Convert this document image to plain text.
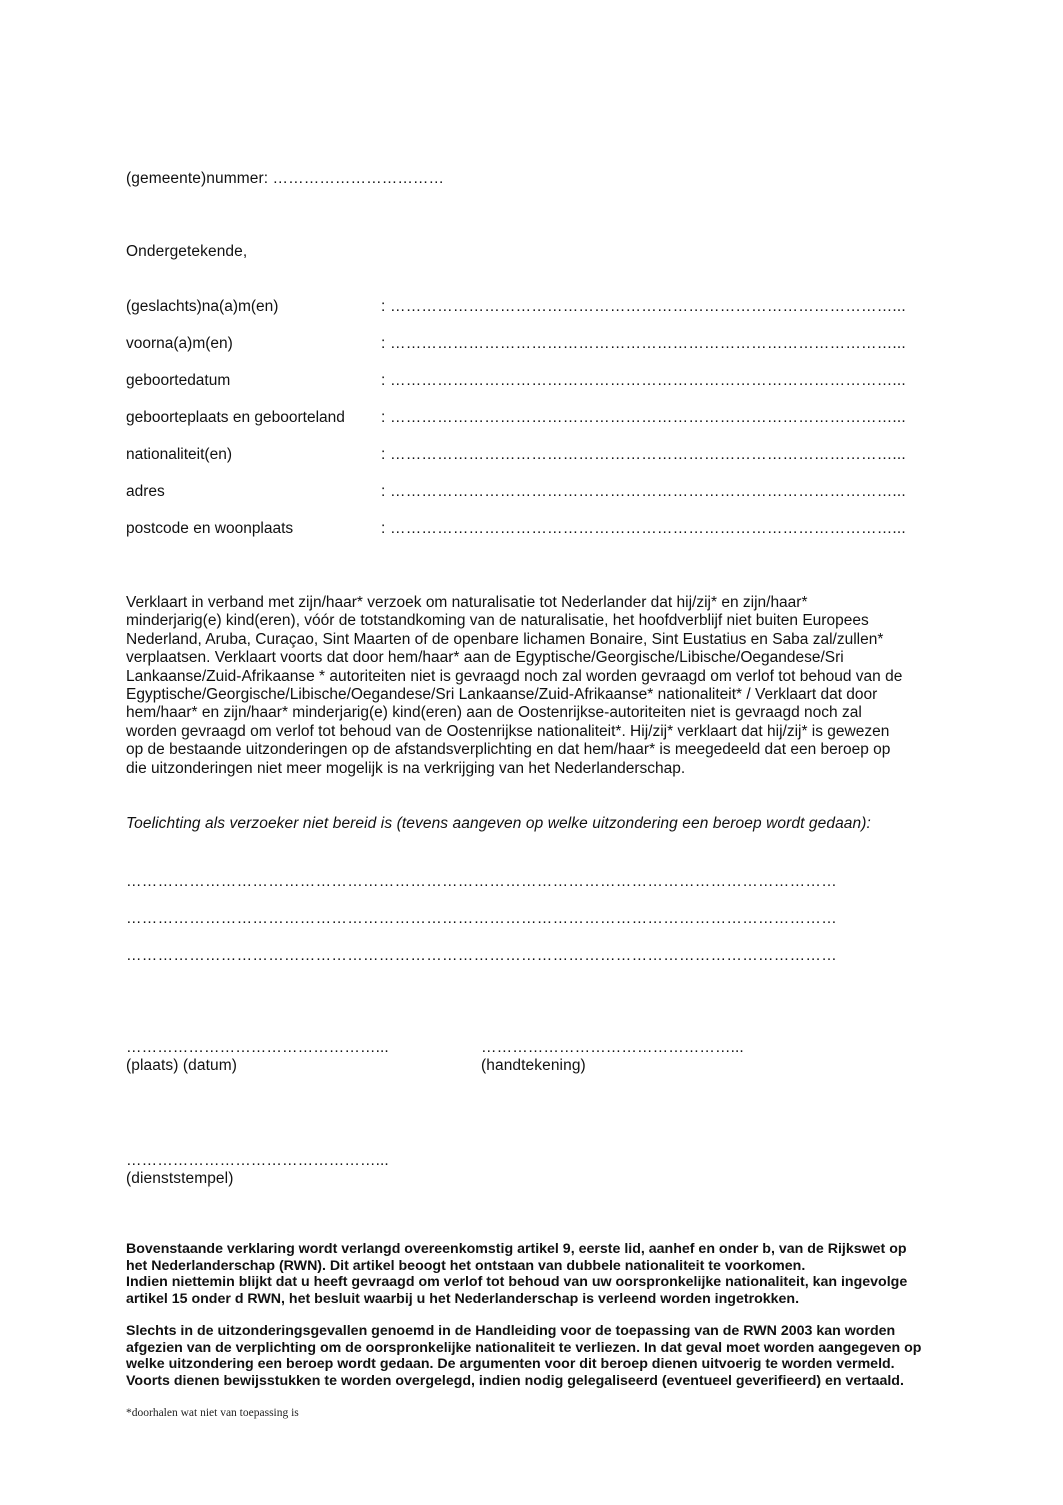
(gemeente)nummer: ……………………………
Ondergetekende,
(geslachts)na(a)m(en)	: ……………………………………………………………………………………...
voorna(a)m(en)	: ……………………………………………………………………………………...
geboortedatum	: ……………………………………………………………………………………...
geboorteplaats en geboorteland : ……………………………………………………………………………………...
nationaliteit(en)	: ……………………………………………………………………………………...
adres	: ……………………………………………………………………………………...
postcode en woonplaats	: ……………………………………………………………………………………...
Verklaart in verband met zijn/haar* verzoek om naturalisatie tot Nederlander dat hij/zij* en zijn/haar*
minderjarig(e) kind(eren), vóór de totstandkoming van de naturalisatie, het hoofdverblijf niet buiten Europees
Nederland, Aruba, Curaçao, Sint Maarten of de openbare lichamen Bonaire, Sint Eustatius en Saba zal/zullen*
verplaatsen. Verklaart voorts dat door hem/haar* aan de Egyptische/Georgische/Libische/Oegandese/Sri
Lankaanse/Zuid-Afrikaanse * autoriteiten niet is gevraagd noch zal worden gevraagd om verlof tot behoud van de
Egyptische/Georgische/Libische/Oegandese/Sri Lankaanse/Zuid-Afrikaanse* nationaliteit* / Verklaart dat door
hem/haar* en zijn/haar* minderjarig(e) kind(eren) aan de Oostenrijkse-autoriteiten niet is gevraagd noch zal
worden gevraagd om verlof tot behoud van de Oostenrijkse nationaliteit*. Hij/zij* verklaart dat hij/zij* is gewezen
op de bestaande uitzonderingen op de afstandsverplichting en dat hem/haar* is meegedeeld dat een beroep op
die uitzonderingen niet meer mogelijk is na verkrijging van het Nederlanderschap.
Toelichting als verzoeker niet bereid is (tevens aangeven op welke uitzondering een beroep wordt gedaan):
………………………………………………………………………………………………………………………
………………………………………………………………………………………………………………………
………………………………………………………………………………………………………………………
…………………………………………...
(plaats) (datum)
…………………………………………...
(handtekening)
…………………………………………...
(dienststempel)
Bovenstaande verklaring wordt verlangd overeenkomstig artikel 9, eerste lid, aanhef en onder b, van de Rijkswet op
het Nederlanderschap (RWN). Dit artikel beoogt het ontstaan van dubbele nationaliteit te voorkomen.
Indien niettemin blijkt dat u heeft gevraagd om verlof tot behoud van uw oorspronkelijke nationaliteit, kan ingevolge
artikel 15 onder d RWN, het besluit waarbij u het Nederlanderschap is verleend worden ingetrokken.
Slechts in de uitzonderingsgevallen genoemd in de Handleiding voor de toepassing van de RWN 2003 kan worden
afgezien van de verplichting om de oorspronkelijke nationaliteit te verliezen. In dat geval moet worden aangegeven op
welke uitzondering een beroep wordt gedaan. De argumenten voor dit beroep dienen uitvoerig te worden vermeld.
Voorts dienen bewijsstukken te worden overgelegd, indien nodig gelegaliseerd (eventueel geverifieerd) en vertaald.
*doorhalen wat niet van toepassing is
